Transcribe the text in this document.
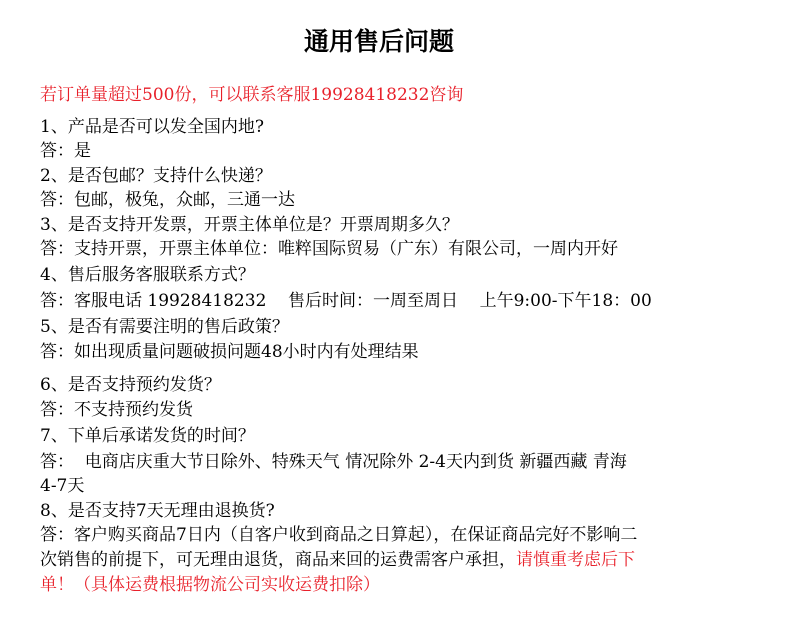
通用售后问题
若订单量超过500份，可以联系客服19928418232咨询
1、产品是否可以发全国内地?
答：是
2、是否包邮？支持什么快递？
答：包邮，极兔，众邮，三通一达
3、是否支持开发票，开票主体单位是？开票周期多久？
答：支持开票，开票主体单位：唯粹国际贸易（广东）有限公司，一周内开好
4、售后服务客服联系方式？
答：客服电话 19928418232    售后时间：一周至周日    上午9:00-下午18：00
5、是否有需要注明的售后政策？
答：如出现质量问题破损问题48小时内有处理结果
6、是否支持预约发货？
答：不支持预约发货
7、下单后承诺发货的时间？
答：  电商店庆重大节日除外、特殊天气 情况除外 2-4天内到货 新疆西藏 青海
4-7天
8、是否支持7天无理由退换货?
答：客户购买商品7日内（自客户收到商品之日算起），在保证商品完好不影响二
次销售的前提下，可无理由退货，商品来回的运费需客户承担，请慎重考虑后下
单！（具体运费根据物流公司实收运费扣除）
